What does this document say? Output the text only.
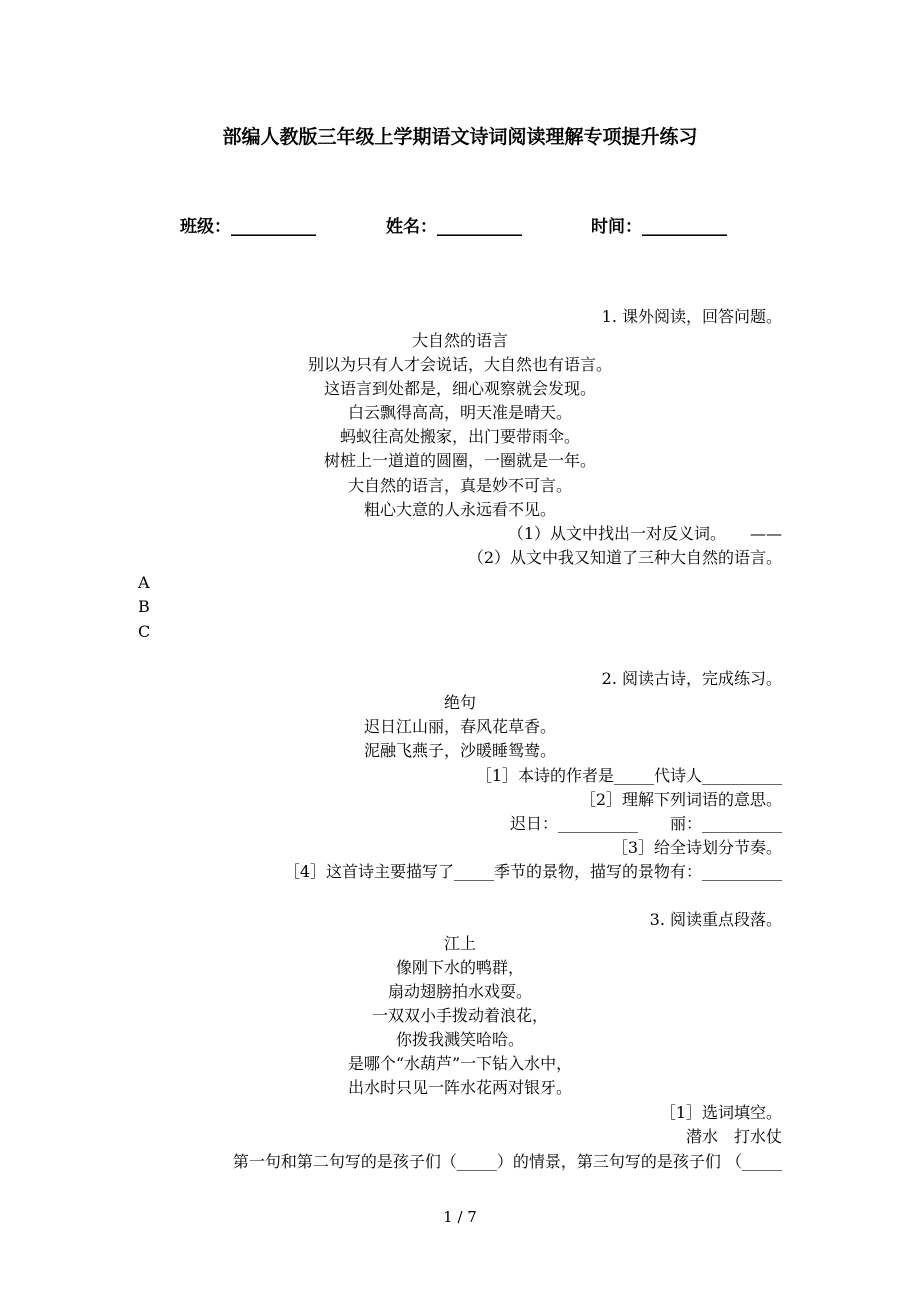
部编人教版三年级上学期语文诗词阅读理解专项提升练习
班级：__________	姓名：__________	时间：__________
1. 课外阅读，回答问题。
大自然的语言
别以为只有人才会说话，大自然也有语言。
这语言到处都是，细心观察就会发现。
白云飘得高高，明天准是晴天。
蚂蚁往高处搬家，出门要带雨伞。
树桩上一道道的圆圈，一圈就是一年。
大自然的语言，真是妙不可言。
粗心大意的人永远看不见。
（1）从文中找出一对反义词。　　——
（2）从文中我又知道了三种大自然的语言。
A
B
C
2. 阅读古诗，完成练习。
绝句
迟日江山丽，春风花草香。
泥融飞燕子，沙暖睡鸳鸯。
［1］本诗的作者是_____代诗人__________
［2］理解下列词语的意思。
迟日：__________　　丽：__________
［3］给全诗划分节奏。
［4］这首诗主要描写了_____季节的景物，描写的景物有：__________
3. 阅读重点段落。
江上
像刚下水的鸭群，
扇动翅膀拍水戏耍。
一双双小手拨动着浪花，
你拨我溅笑哈哈。
是哪个“水葫芦”一下钻入水中，
出水时只见一阵水花两对银牙。
［1］选词填空。
潜水　打水仗
第一句和第二句写的是孩子们（_____）的情景，第三句写的是孩子们 （_____
1 / 7
